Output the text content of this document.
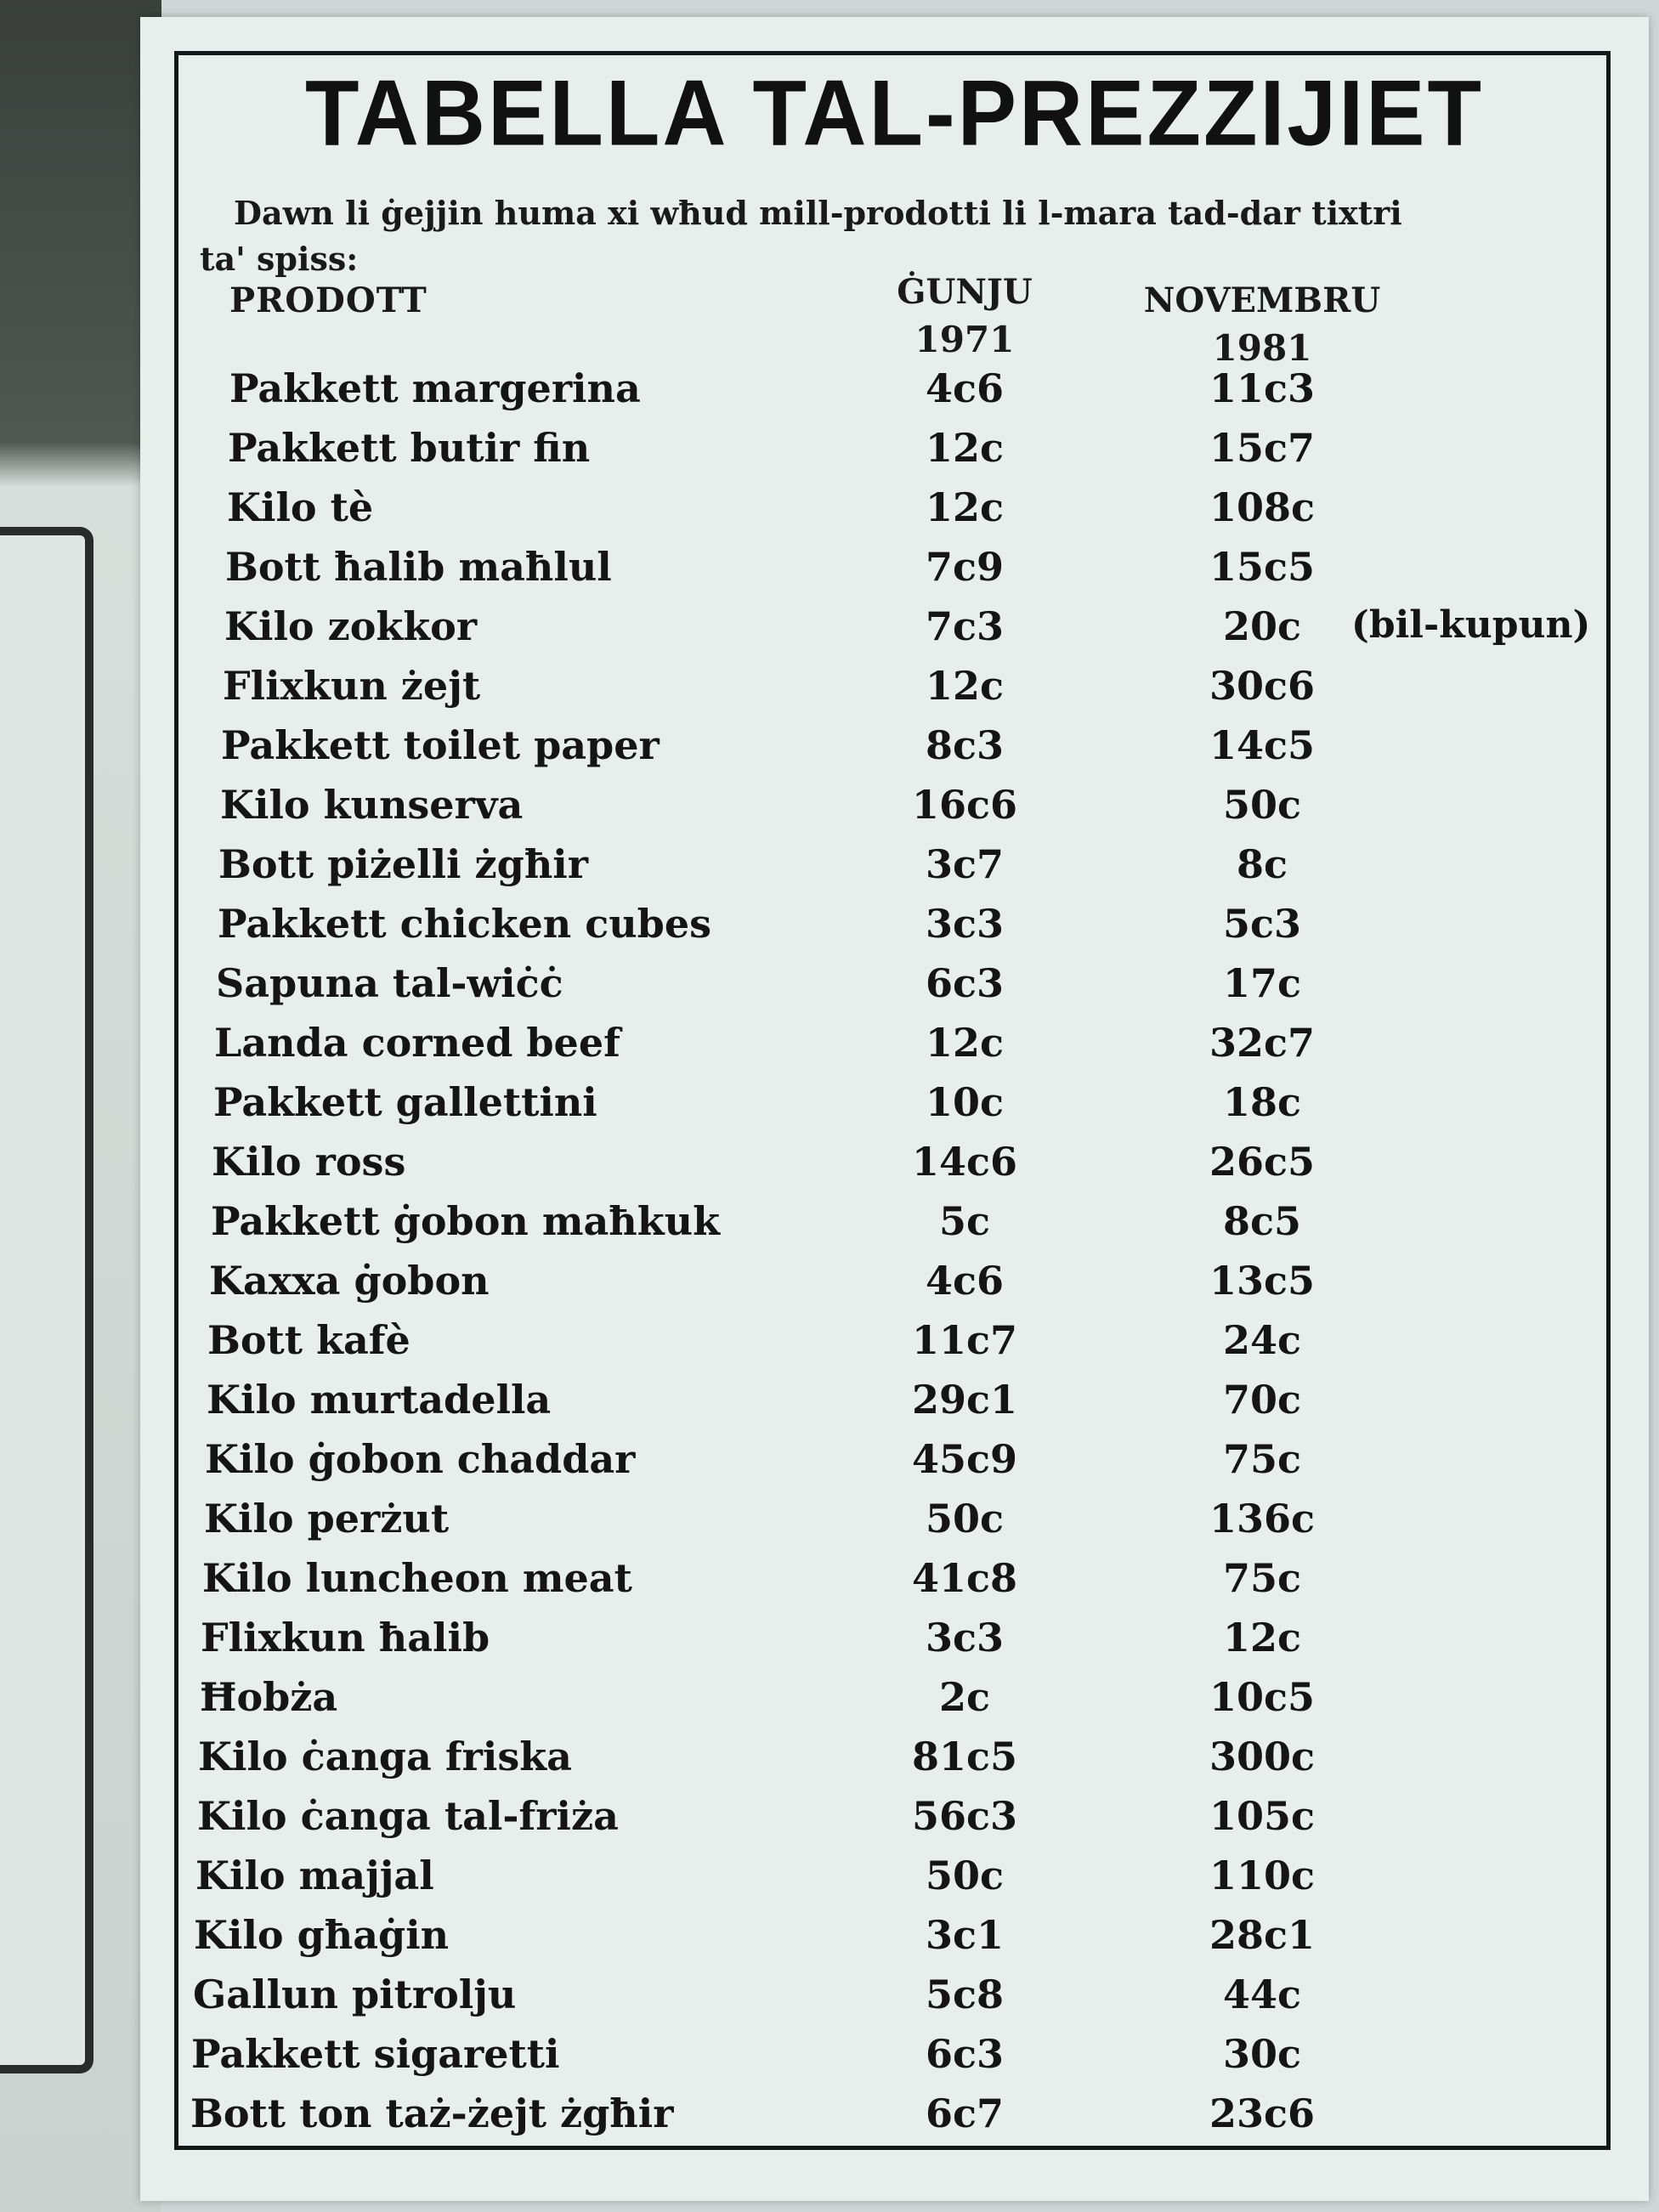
TABELLA TAL-PREZZIJIET
Dawn li ġejjin huma xi wħud mill-prodotti li l-mara tad-dar tixtri
ta' spiss:
PRODOTT	ĠUNJU	NOVEMBRU
1971	1981
Pakkett margerina	4c6	11c3
Pakkett butir fin	12c	15c7
Kilo tè	12c	108c
Bott ħalib maħlul	7c9	15c5
Kilo zokkor	7c3	20c	(bil-kupun)
Flixkun żejt	12c	30c6
Pakkett toilet paper	8c3	14c5
Kilo kunserva	16c6	50c
Bott piżelli żgħir	3c7	8c
Pakkett chicken cubes	3c3	5c3
Sapuna tal-wiċċ	6c3	17c
Landa corned beef	12c	32c7
Pakkett gallettini	10c	18c
Kilo ross	14c6	26c5
Pakkett ġobon maħkuk	5c	8c5
Kaxxa ġobon	4c6	13c5
Bott kafè	11c7	24c
Kilo murtadella	29c1	70c
Kilo ġobon chaddar	45c9	75c
Kilo perżut	50c	136c
Kilo luncheon meat	41c8	75c
Flixkun ħalib	3c3	12c
Ħobża	2c	10c5
Kilo ċanga friska	81c5	300c
Kilo ċanga tal-friża	56c3	105c
Kilo majjal	50c	110c
Kilo għaġin	3c1	28c1
Gallun pitrolju	5c8	44c
Pakkett sigaretti	6c3	30c
Bott ton taż-żejt żgħir	6c7	23c6
